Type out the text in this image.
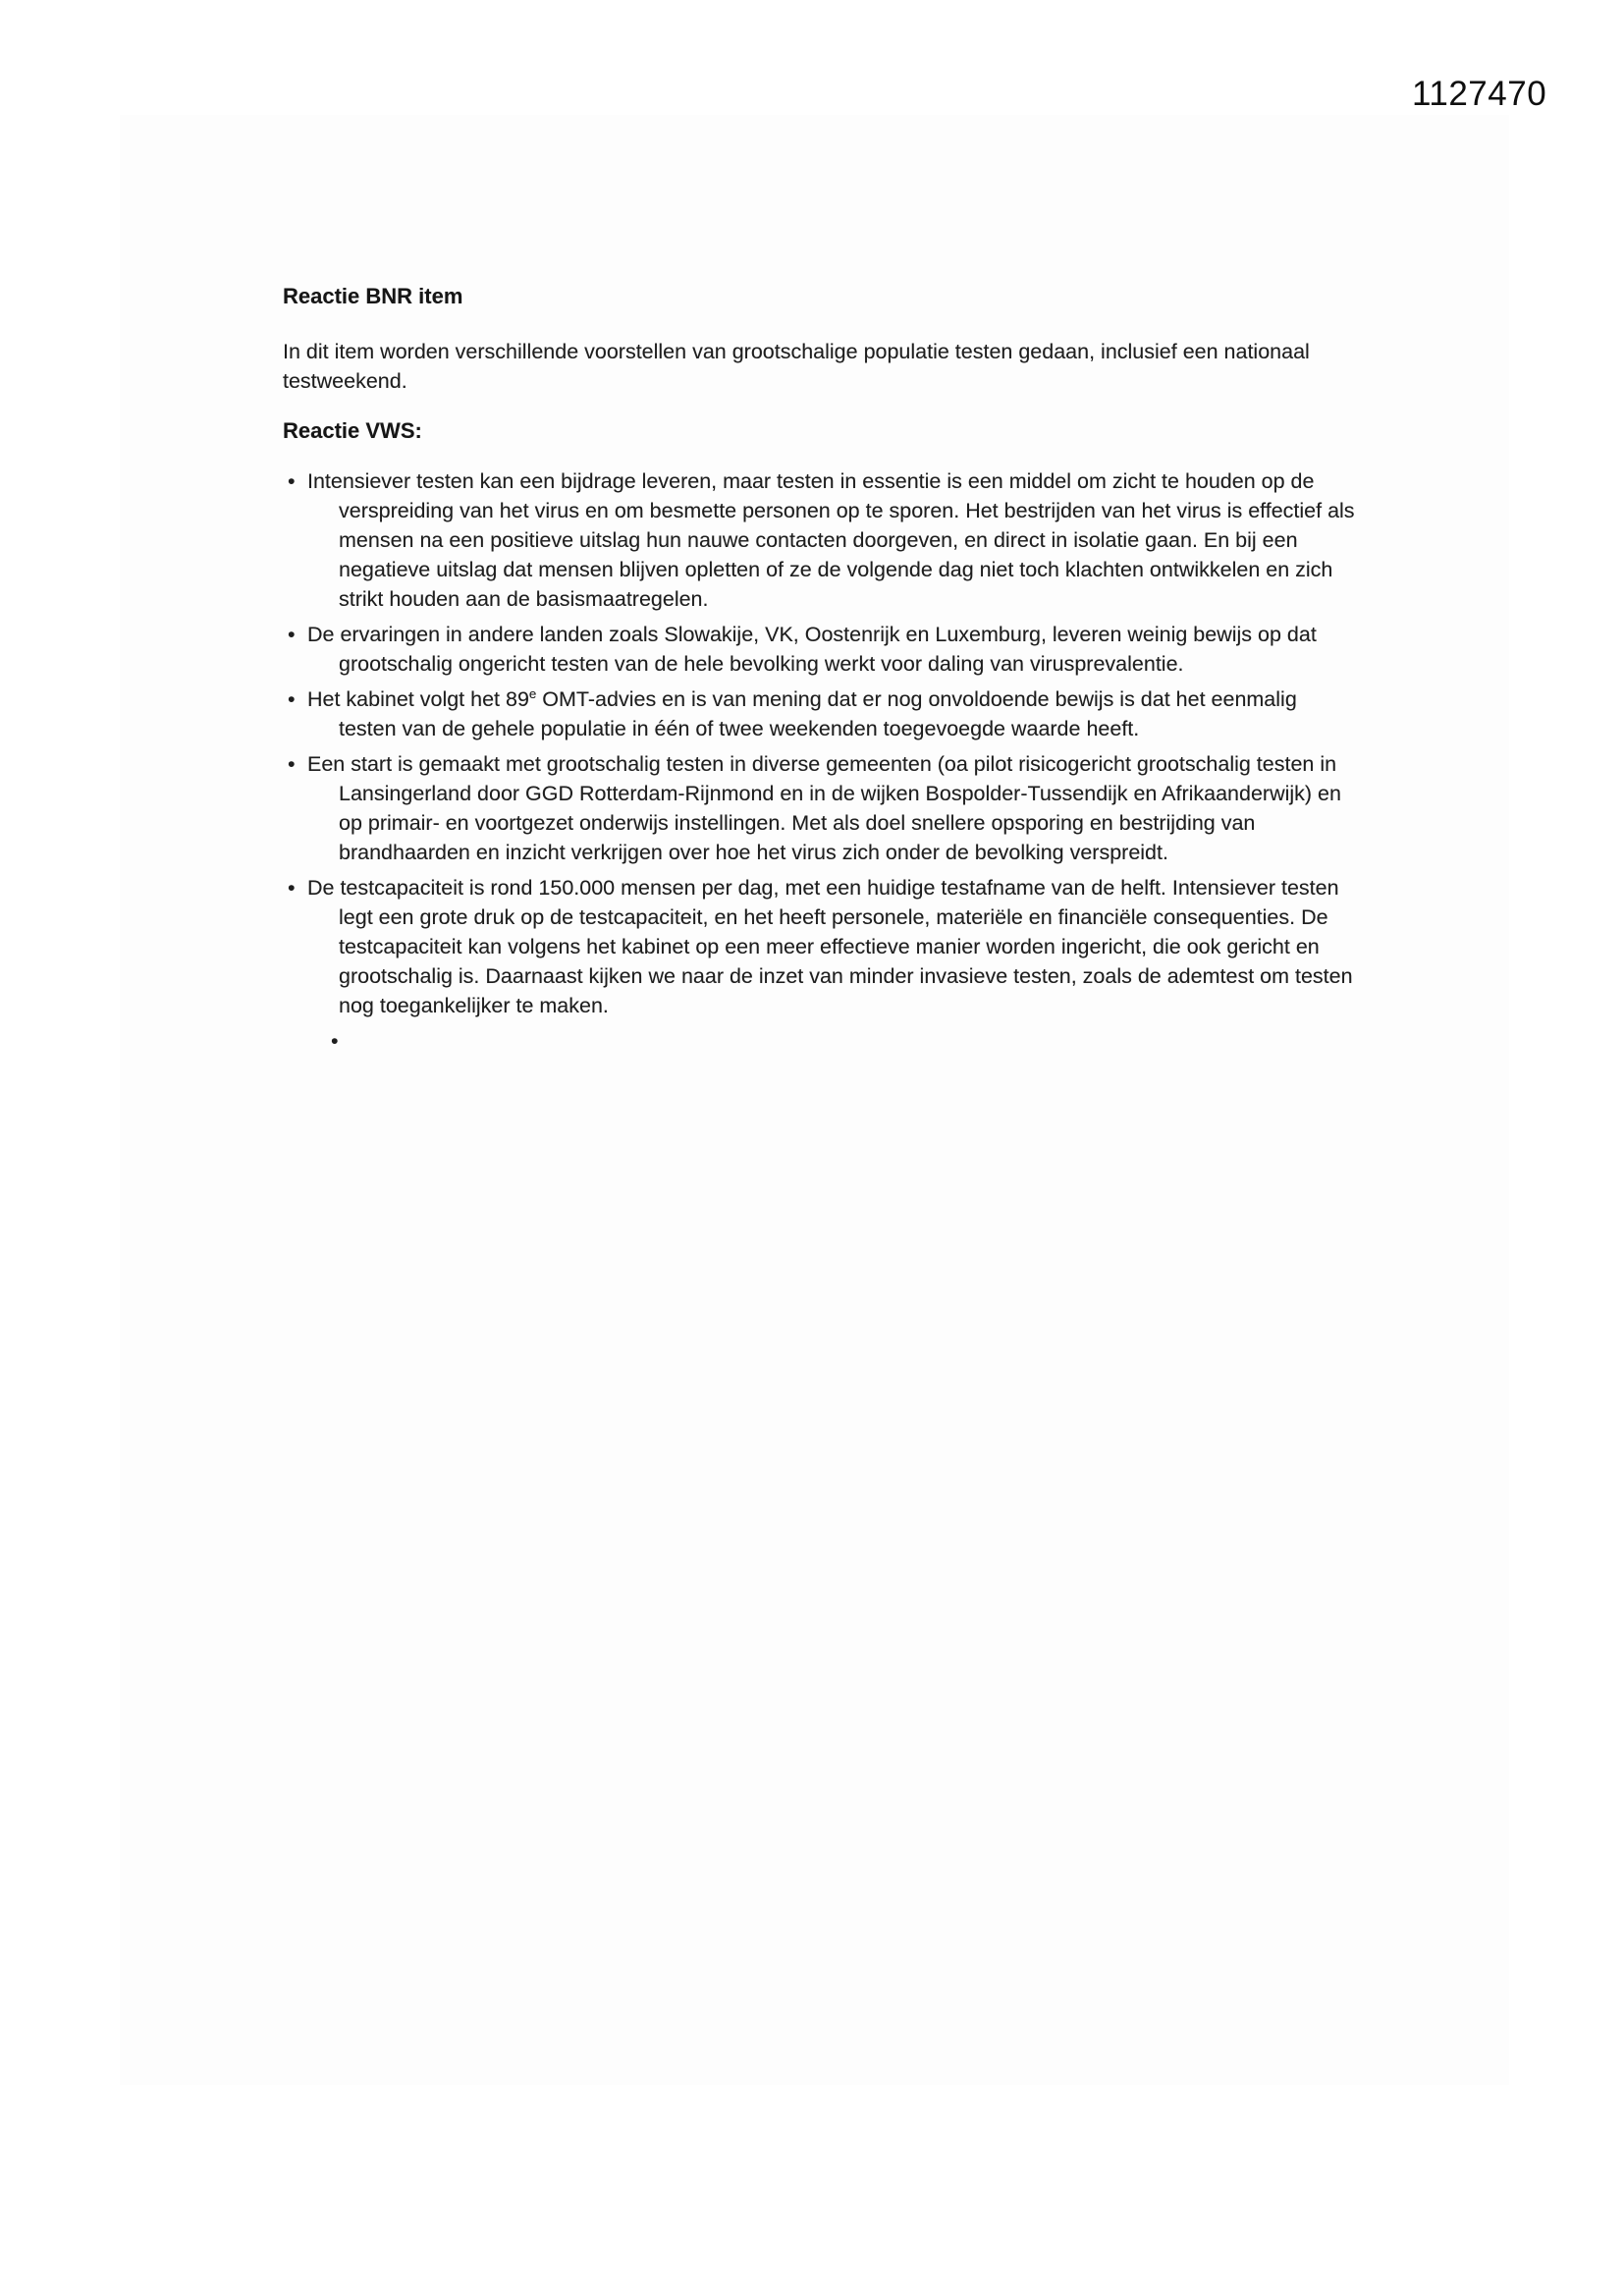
1127470
Reactie BNR item

In dit item worden verschillende voorstellen van grootschalige populatie testen gedaan, inclusief een nationaal testweekend.

Reactie VWS:
• Intensiever testen kan een bijdrage leveren, maar testen in essentie is een middel om zicht te houden op de verspreiding van het virus en om besmette personen op te sporen. Het bestrijden van het virus is effectief als mensen na een positieve uitslag hun nauwe contacten doorgeven, en direct in isolatie gaan. En bij een negatieve uitslag dat mensen blijven opletten of ze de volgende dag niet toch klachten ontwikkelen en zich strikt houden aan de basismaatregelen.
• De ervaringen in andere landen zoals Slowakije, VK, Oostenrijk en Luxemburg, leveren weinig bewijs op dat grootschalig ongericht testen van de hele bevolking werkt voor daling van virusprevalentie.
• Het kabinet volgt het 89e OMT-advies en is van mening dat er nog onvoldoende bewijs is dat het eenmalig testen van de gehele populatie in één of twee weekenden toegevoegde waarde heeft.
• Een start is gemaakt met grootschalig testen in diverse gemeenten (oa pilot risicogericht grootschalig testen in Lansingerland door GGD Rotterdam-Rijnmond en in de wijken Bospolder-Tussendijk en Afrikaanderwijk) en op primair- en voortgezet onderwijs instellingen. Met als doel snellere opsporing en bestrijding van brandhaarden en inzicht verkrijgen over hoe het virus zich onder de bevolking verspreidt.
• De testcapaciteit is rond 150.000 mensen per dag, met een huidige testafname van de helft. Intensiever testen legt een grote druk op de testcapaciteit, en het heeft personele, materiële en financiële consequenties. De testcapaciteit kan volgens het kabinet op een meer effectieve manier worden ingericht, die ook gericht en grootschalig is. Daarnaast kijken we naar de inzet van minder invasieve testen, zoals de ademtest om testen nog toegankelijker te maken.
•
